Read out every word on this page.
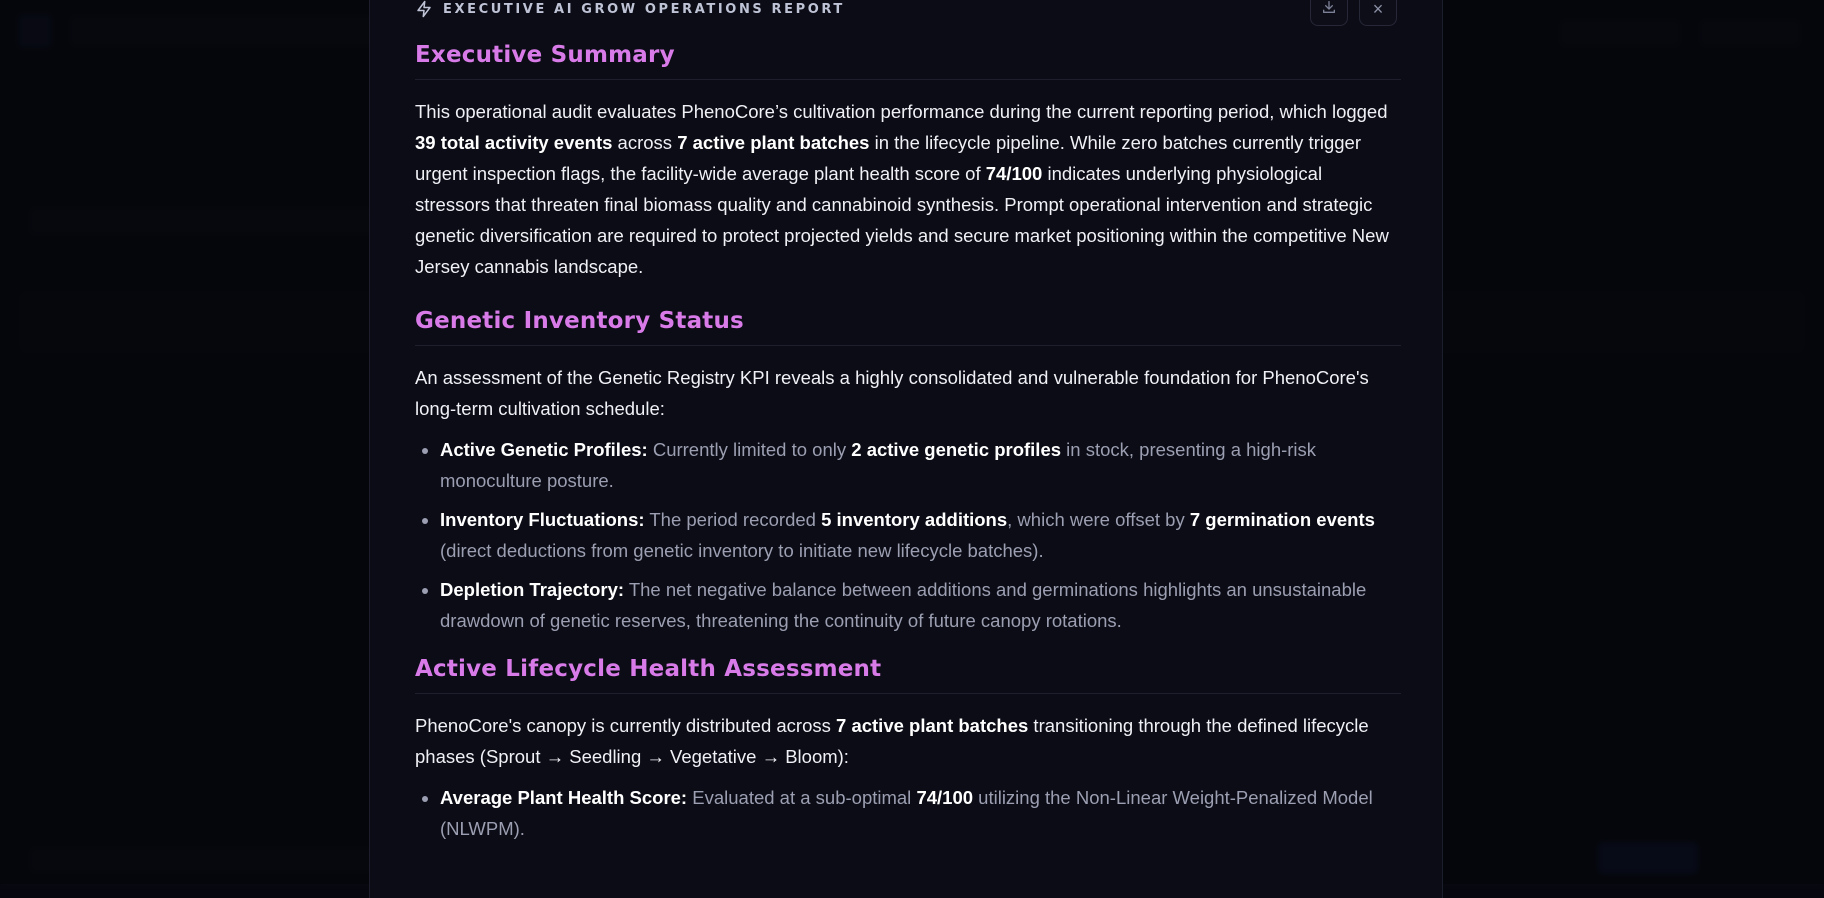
EXECUTIVE AI GROW OPERATIONS REPORT	×
Executive Summary

This operational audit evaluates PhenoCore’s cultivation performance during the current reporting period, which logged 39 total activity events across 7 active plant batches in the lifecycle pipeline. While zero batches currently trigger urgent inspection flags, the facility-wide average plant health score of 74/100 indicates underlying physiological stressors that threaten final biomass quality and cannabinoid synthesis. Prompt operational intervention and strategic genetic diversification are required to protect projected yields and secure market positioning within the competitive New Jersey cannabis landscape.

Genetic Inventory Status

An assessment of the Genetic Registry KPI reveals a highly consolidated and vulnerable foundation for PhenoCore's long-term cultivation schedule:

• Active Genetic Profiles: Currently limited to only 2 active genetic profiles in stock, presenting a high-risk monoculture posture.
• Inventory Fluctuations: The period recorded 5 inventory additions, which were offset by 7 germination events (direct deductions from genetic inventory to initiate new lifecycle batches).
• Depletion Trajectory: The net negative balance between additions and germinations highlights an unsustainable drawdown of genetic reserves, threatening the continuity of future canopy rotations.
Active Lifecycle Health Assessment

PhenoCore's canopy is currently distributed across 7 active plant batches transitioning through the defined lifecycle phases (Sprout → Seedling → Vegetative → Bloom):

• Average Plant Health Score: Evaluated at a sub-optimal 74/100 utilizing the Non-Linear Weight-Penalized Model (NLWPM).
